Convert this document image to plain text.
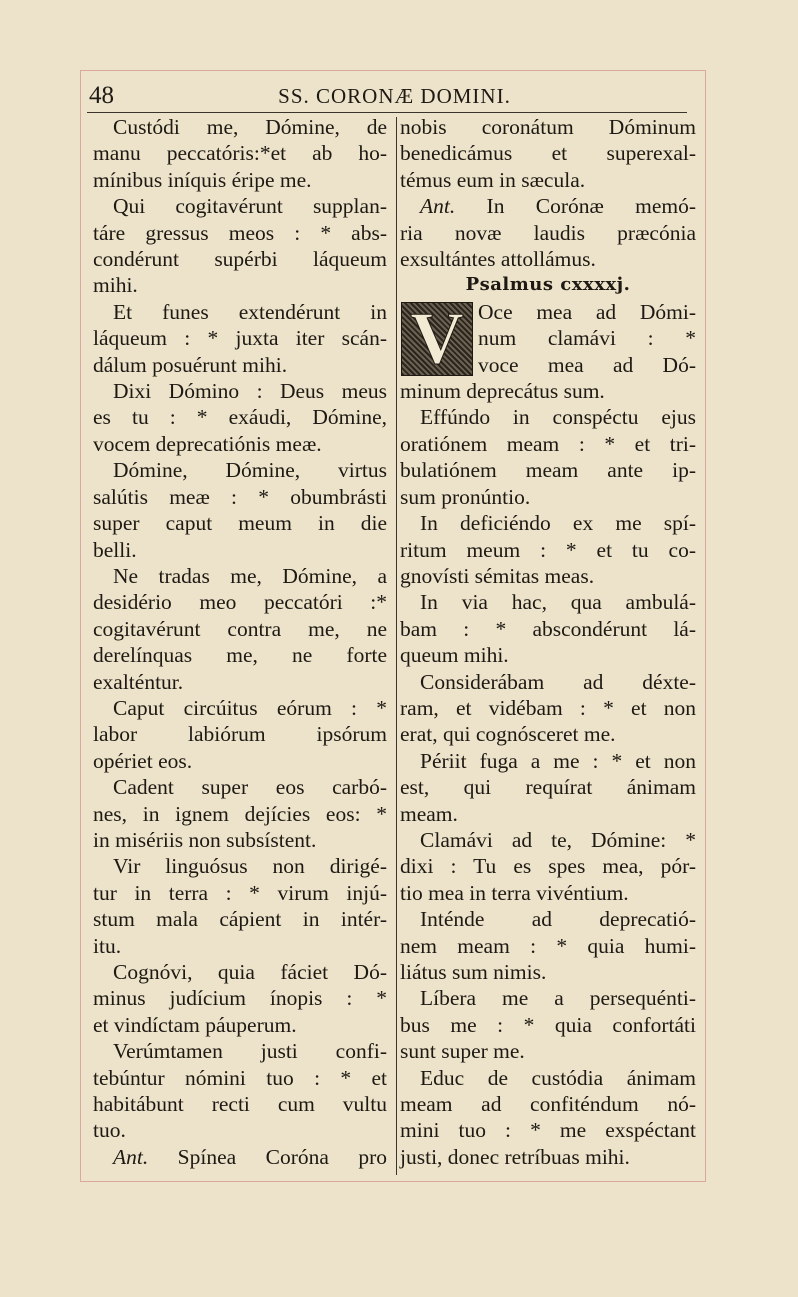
48	SS. CORONÆ DOMINI.
Custódi me, Dómine, de
manu peccatóris:*et ab ho-
mínibus iníquis éripe me.
Qui cogitavérunt supplan-
táre gressus meos : * abs-
condérunt supérbi láqueum
mihi.
Et funes extendérunt in
láqueum : * juxta iter scán-
dálum posuérunt mihi.
Dixi Dómino : Deus meus
es tu : * exáudi, Dómine,
vocem deprecatiónis meæ.
Dómine, Dómine, virtus
salútis meæ : * obumbrásti
super caput meum in die
belli.
Ne tradas me, Dómine, a
desidério meo peccatóri :*
cogitavérunt contra me, ne
derelínquas me, ne forte
exalténtur.
Caput circúitus eórum : *
labor labiórum ipsórum
opériet eos.
Cadent super eos carbó-
nes, in ignem dejícies eos: *
in misériis non subsístent.
Vir linguósus non dirigé-
tur in terra : * virum injú-
stum mala cápient in intér-
itu.
Cognóvi, quia fáciet Dó-
minus judícium ínopis : *
et vindíctam páuperum.
Verúmtamen justi confi-
tebúntur nómini tuo : * et
habitábunt recti cum vultu
tuo.
Ant. Spínea Coróna pro
nobis coronátum Dóminum
benedicámus et superexal-
témus eum in sæcula.
Ant. In Corónæ memó-
ria novæ laudis præcónia
exsultántes attollámus.
Psalmus cxxxxj.
V Oce mea ad Dómi-
num clamávi : *
voce mea ad Dó-
minum deprecátus sum.
Effúndo in conspéctu ejus
oratiónem meam : * et tri-
bulatiónem meam ante ip-
sum pronúntio.
In deficiéndo ex me spí-
ritum meum : * et tu co-
gnovísti sémitas meas.
In via hac, qua ambulá-
bam : * abscondérunt lá-
queum mihi.
Considerábam ad déxte-
ram, et vidébam : * et non
erat, qui cognósceret me.
Périit fuga a me : * et non
est, qui requírat ánimam
meam.
Clamávi ad te, Dómine: *
dixi : Tu es spes mea, pór-
tio mea in terra vivéntium.
Inténde ad deprecatió-
nem meam : * quia humi-
liátus sum nimis.
Líbera me a persequénti-
bus me : * quia confortáti
sunt super me.
Educ de custódia ánimam
meam ad confiténdum nó-
mini tuo : * me exspéctant
justi, donec retríbuas mihi.
